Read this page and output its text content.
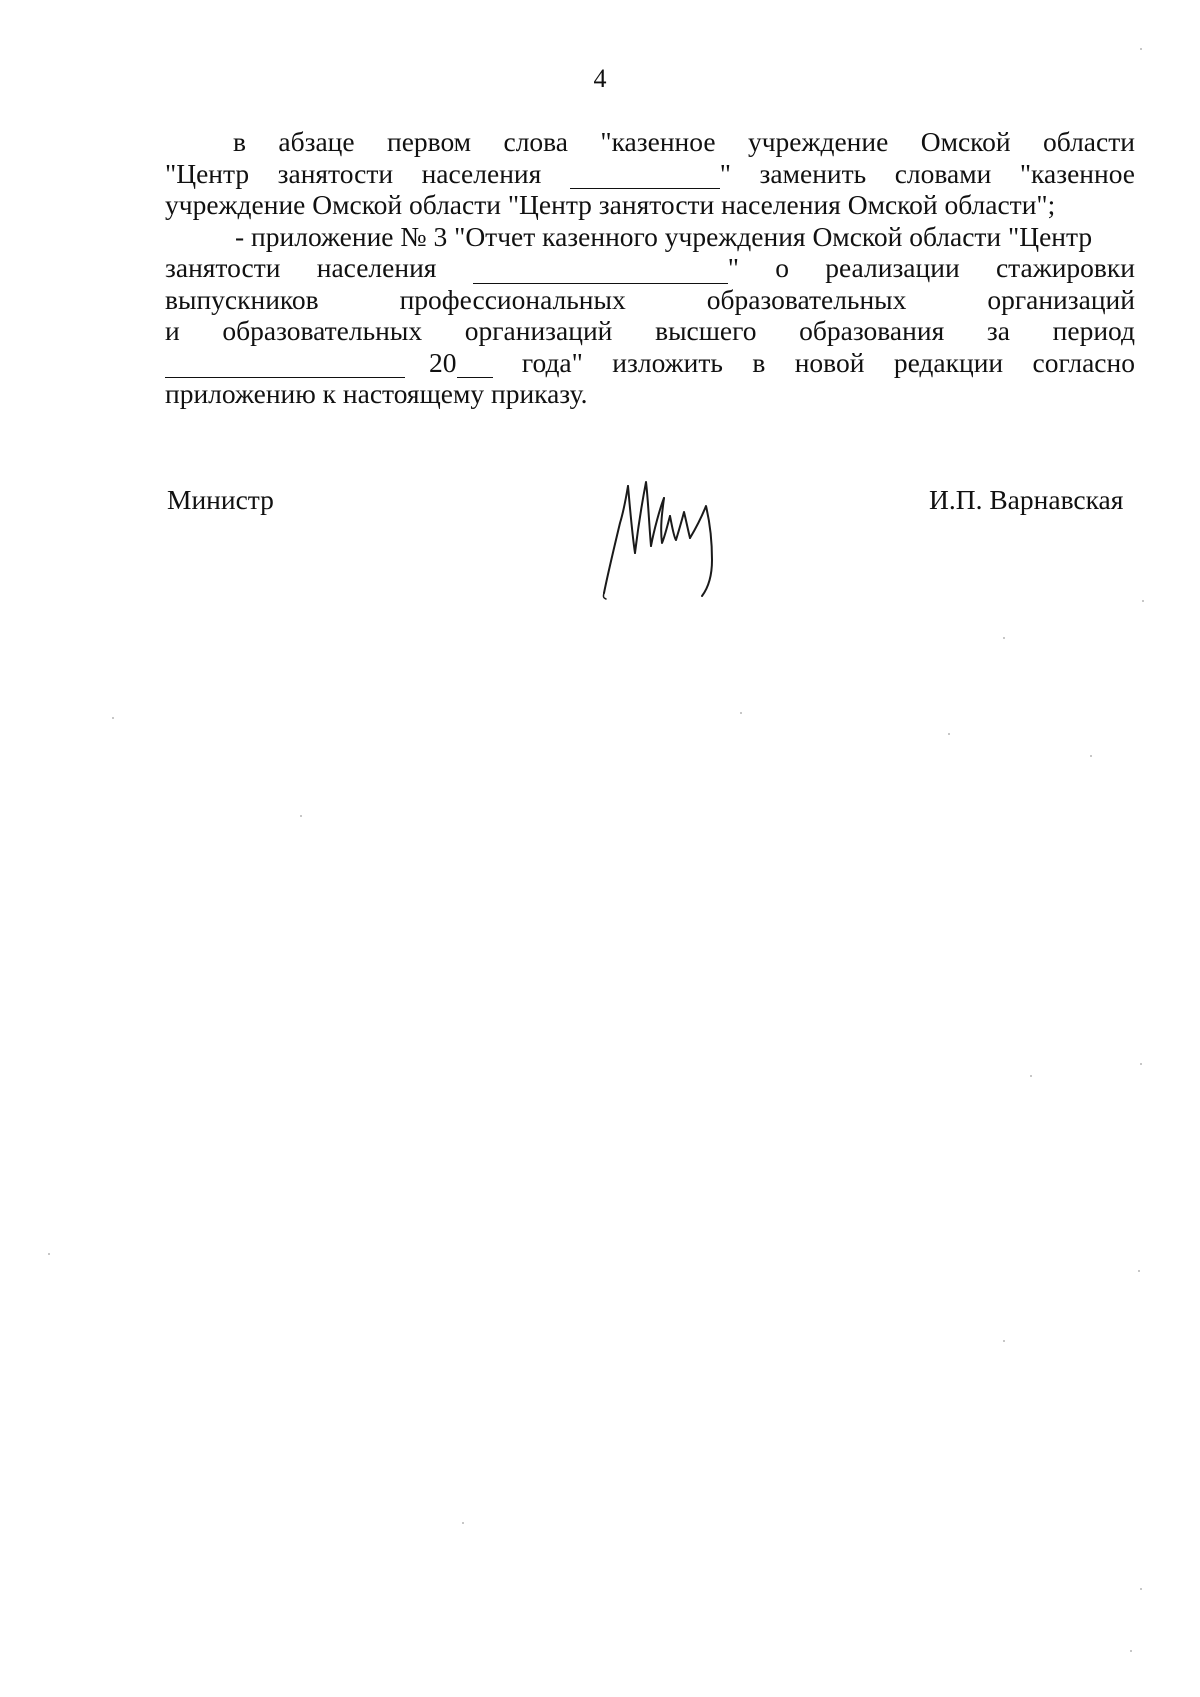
4
в абзаце первом слова "казенное учреждение Омской области
"Центр занятости населения	" заменить словами "казенное
учреждение Омской области "Центр занятости населения Омской области";
- приложение № 3 "Отчет казенного учреждения Омской области "Центр
занятости населения	" о реализации стажировки
выпускников	профессиональных	образовательных	организаций
и образовательных организаций высшего образования за период
20 года" изложить в новой редакции согласно
приложению к настоящему приказу.
Министр	И.П. Варнавская
